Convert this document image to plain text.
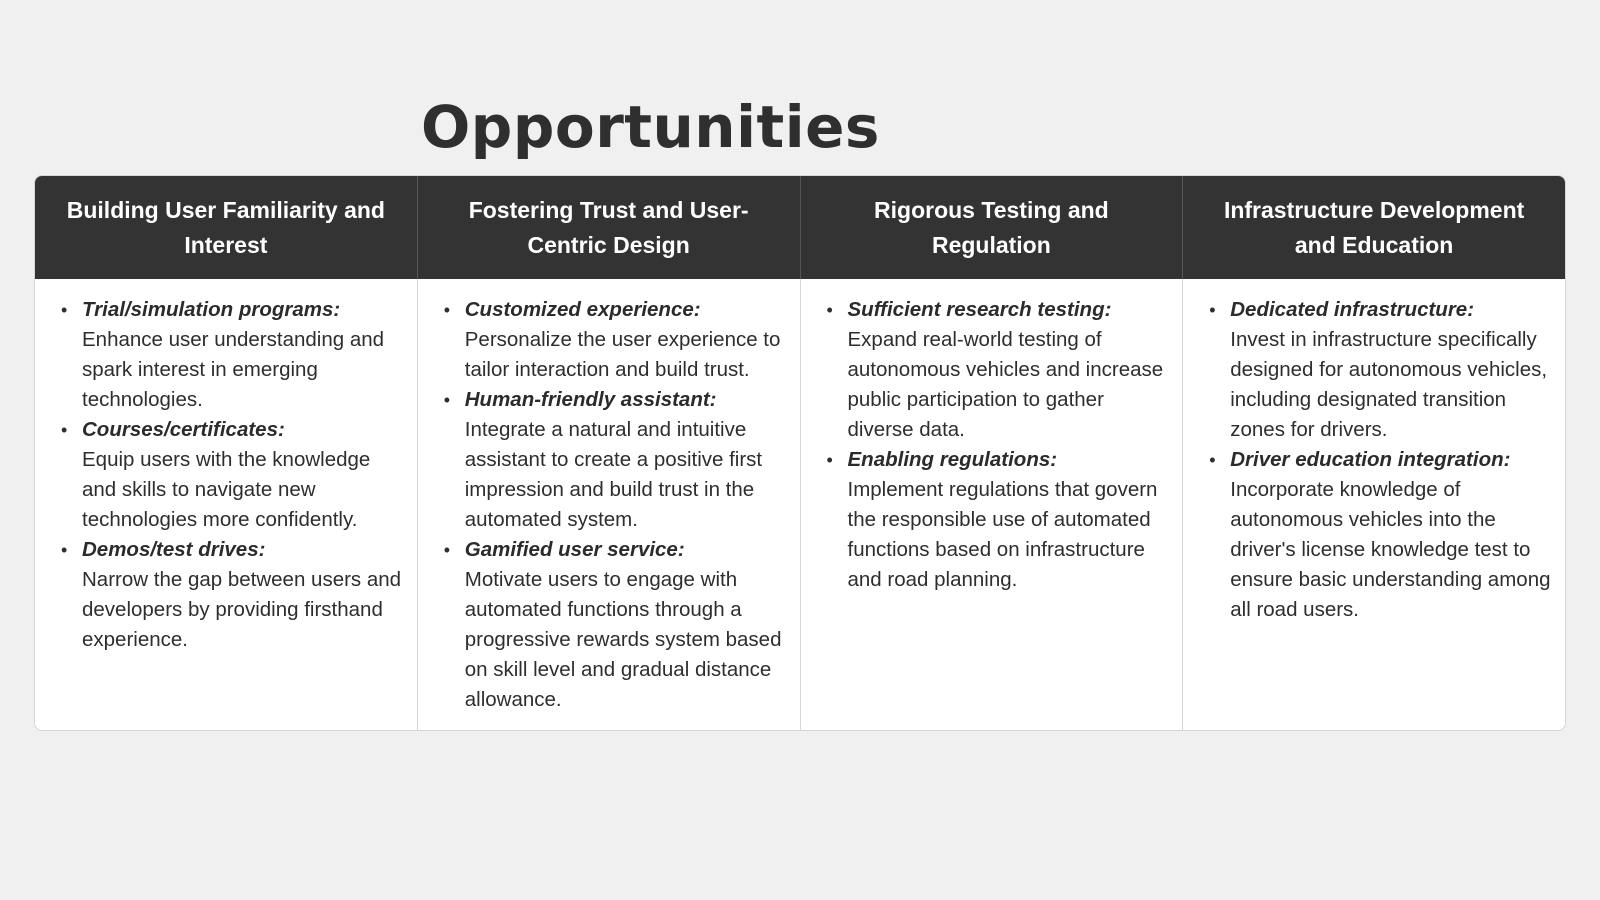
Opportunities
Building User Familiarity and Interest
Fostering Trust and User-Centric Design
Rigorous Testing and Regulation
Infrastructure Development and Education
• Trial/simulation programs:
Enhance user understanding and spark interest in emerging technologies.
• Courses/certificates:
Equip users with the knowledge and skills to navigate new technologies more confidently.
• Demos/test drives:
Narrow the gap between users and developers by providing firsthand experience.
• Customized experience:
Personalize the user experience to tailor interaction and build trust.
• Human-friendly assistant:
Integrate a natural and intuitive assistant to create a positive first impression and build trust in the automated system.
• Gamified user service:
Motivate users to engage with automated functions through a progressive rewards system based on skill level and gradual distance allowance.
• Sufficient research testing:
Expand real-world testing of autonomous vehicles and increase public participation to gather diverse data.
• Enabling regulations:
Implement regulations that govern the responsible use of automated functions based on infrastructure and road planning.
• Dedicated infrastructure:
Invest in infrastructure specifically designed for autonomous vehicles, including designated transition zones for drivers.
• Driver education integration:
Incorporate knowledge of autonomous vehicles into the driver's license knowledge test to ensure basic understanding among all road users.
